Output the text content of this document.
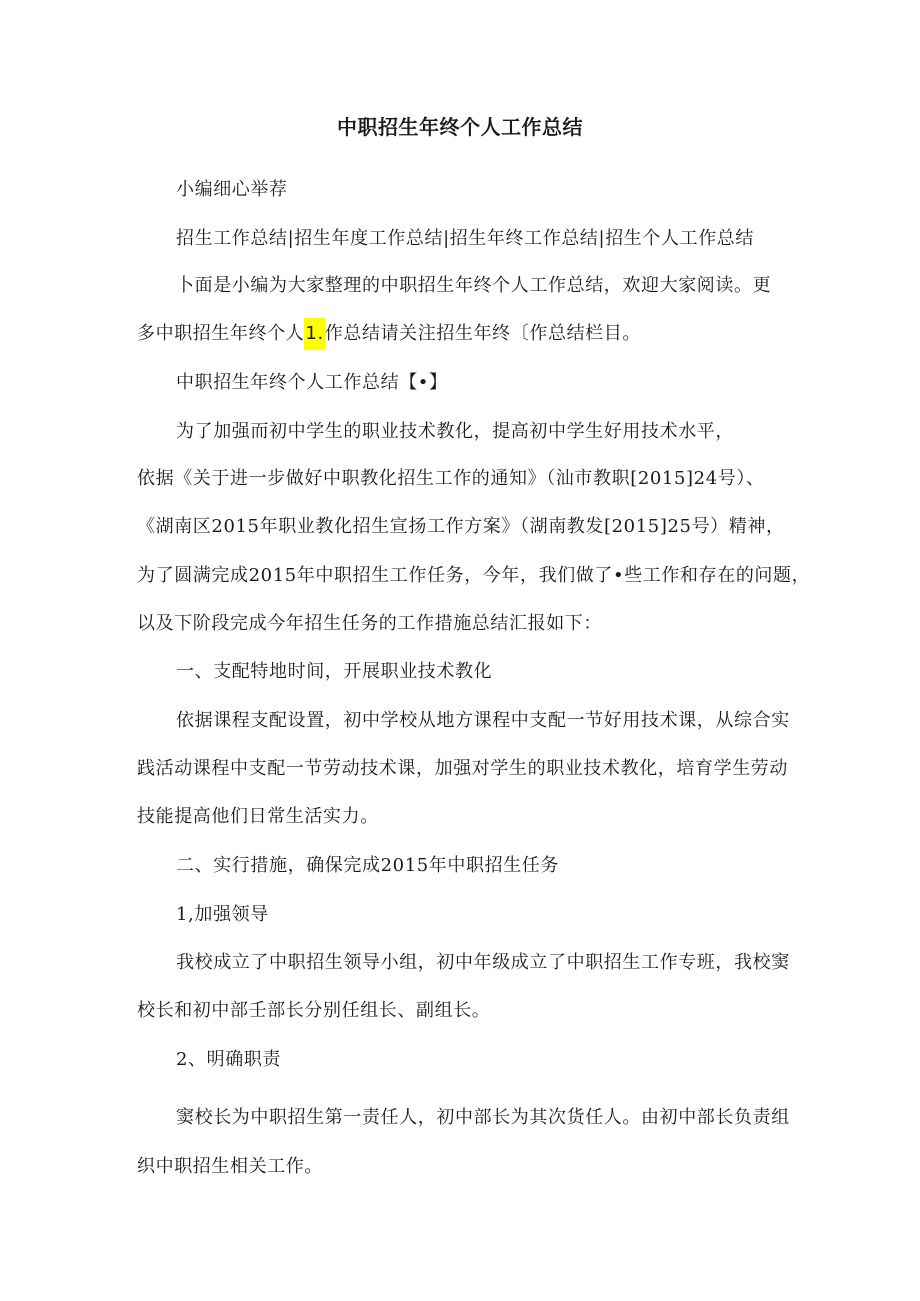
中职招生年终个人工作总结
小编细心举荐
招生工作总结|招生年度工作总结|招生年终工作总结|招生个人工作总结
卜面是小编为大家整理的中职招生年终个人工作总结，欢迎大家阅读。更
多中职招生年终个人1.作总结请关注招生年终〔作总结栏目。
中职招生年终个人工作总结【•】
为了加强而初中学生的职业技术教化，提高初中学生好用技术水平，
依据《关于进一步做好中职教化招生工作的通知》（汕市教职[2015]24号）、
《湖南区2015年职业教化招生宣扬工作方案》（湖南教发[2015]25号）精神，
为了圆满完成2015年中职招生工作任务，今年，我们做了•些工作和存在的问题，
以及下阶段完成今年招生任务的工作措施总结汇报如下：
一、支配特地时间，开展职业技术教化
依据课程支配设置，初中学校从地方课程中支配一节好用技术课，从综合实
践活动课程中支配一节劳动技术课，加强对学生的职业技术教化，培育学生劳动
技能提高他们日常生活实力。
二、实行措施，确保完成2015年中职招生任务
1,加强领导
我校成立了中职招生领导小组，初中年级成立了中职招生工作专班，我校窦
校长和初中部壬部长分别任组长、副组长。
2、明确职责
窦校长为中职招生第一责任人，初中部长为其次货任人。由初中部长负责组
织中职招生相关工作。
